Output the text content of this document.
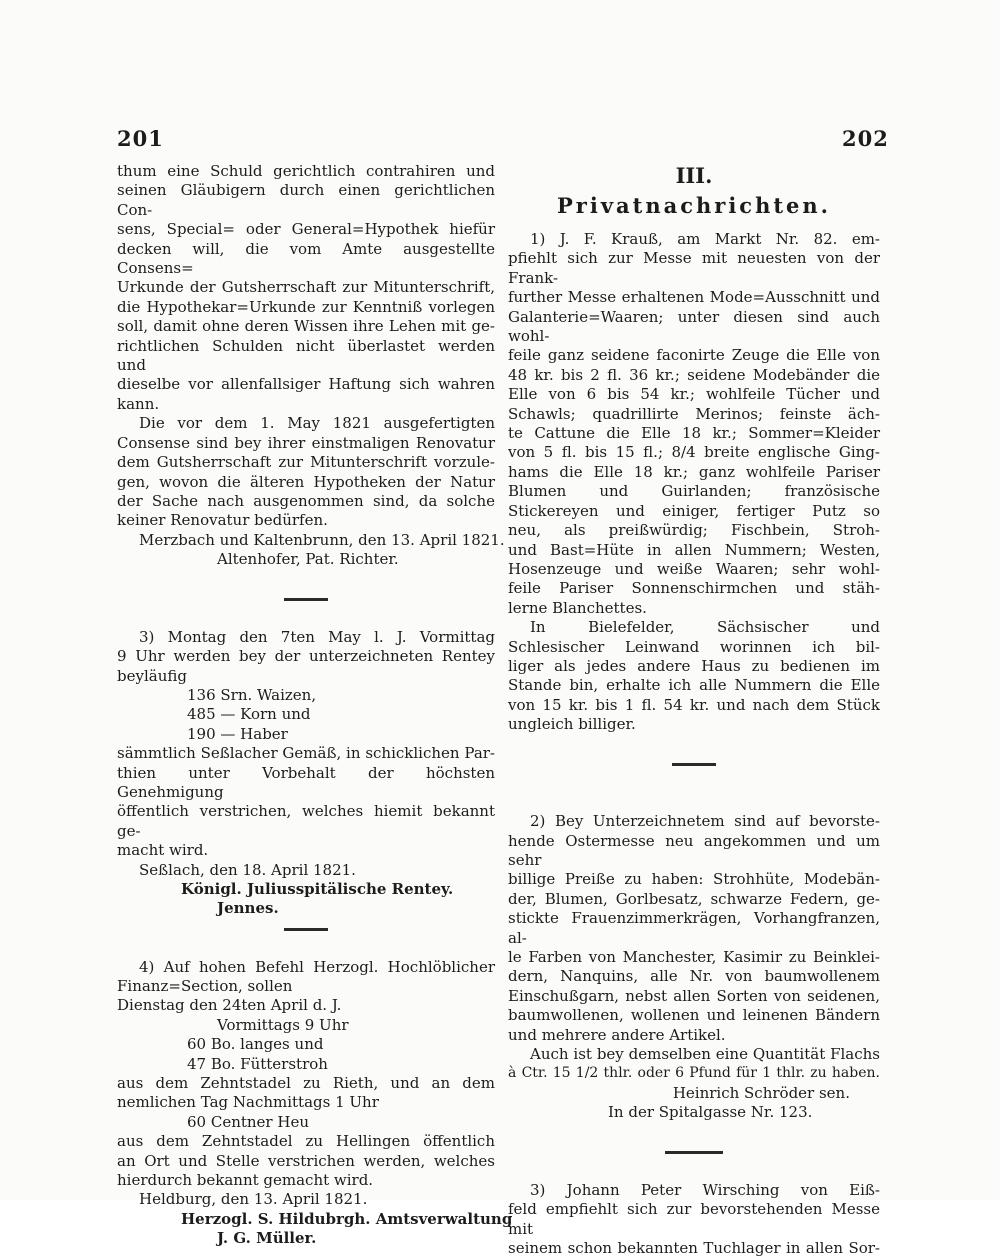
201	202
thum eine Schuld gerichtlich contrahiren und
seinen Gläubigern durch einen gerichtlichen Con-
sens, Special= oder General=Hypothek hiefür
decken will, die vom Amte ausgestellte Consens=
Urkunde der Gutsherrschaft zur Mitunterschrift,
die Hypothekar=Urkunde zur Kenntniß vorlegen
soll, damit ohne deren Wissen ihre Lehen mit ge-
richtlichen Schulden nicht überlastet werden und
dieselbe vor allenfallsiger Haftung sich wahren
kann.
Die vor dem 1. May 1821 ausgefertigten
Consense sind bey ihrer einstmaligen Renovatur
dem Gutsherrschaft zur Mitunterschrift vorzule-
gen, wovon die älteren Hypotheken der Natur
der Sache nach ausgenommen sind, da solche
keiner Renovatur bedürfen.
Merzbach und Kaltenbrunn, den 13. April 1821.
Altenhofer, Pat. Richter.
3) Montag den 7ten May l. J. Vormittag
9 Uhr werden bey der unterzeichneten Rentey
beyläufig
136 Srn. Waizen,
485 — Korn und
190 — Haber
sämmtlich Seßlacher Gemäß, in schicklichen Par-
thien unter Vorbehalt der höchsten Genehmigung
öffentlich verstrichen, welches hiemit bekannt ge-
macht wird.
Seßlach, den 18. April 1821.
Königl. Juliusspitälische Rentey.
Jennes.
4) Auf hohen Befehl Herzogl. Hochlöblicher
Finanz=Section, sollen
Dienstag den 24ten April d. J.
Vormittags 9 Uhr
60 Bo. langes und
47 Bo. Fütterstroh
aus dem Zehntstadel zu Rieth, und an dem
nemlichen Tag Nachmittags 1 Uhr
60 Centner Heu
aus dem Zehntstadel zu Hellingen öffentlich
an Ort und Stelle verstrichen werden, welches
hierdurch bekannt gemacht wird.
Heldburg, den 13. April 1821.
Herzogl. S. Hildubrgh. Amtsverwaltung
J. G. Müller.
III.
Privatnachrichten.
1) J. F. Krauß, am Markt Nr. 82. em-
pfiehlt sich zur Messe mit neuesten von der Frank-
further Messe erhaltenen Mode=Ausschnitt und
Galanterie=Waaren; unter diesen sind auch wohl-
feile ganz seidene faconirte Zeuge die Elle von
48 kr. bis 2 fl. 36 kr.; seidene Modebänder die
Elle von 6 bis 54 kr.; wohlfeile Tücher und
Schawls; quadrillirte Merinos; feinste äch-
te Cattune die Elle 18 kr.; Sommer=Kleider
von 5 fl. bis 15 fl.; 8/4 breite englische Ging-
hams die Elle 18 kr.; ganz wohlfeile Pariser
Blumen und Guirlanden; französische
Stickereyen und einiger, fertiger Putz so
neu, als preißwürdig; Fischbein, Stroh-
und Bast=Hüte in allen Nummern; Westen,
Hosenzeuge und weiße Waaren; sehr wohl-
feile Pariser Sonnenschirmchen und stäh-
lerne Blanchettes.
In Bielefelder, Sächsischer und
Schlesischer Leinwand worinnen ich bil-
liger als jedes andere Haus zu bedienen im
Stande bin, erhalte ich alle Nummern die Elle
von 15 kr. bis 1 fl. 54 kr. und nach dem Stück
ungleich billiger.
2) Bey Unterzeichnetem sind auf bevorste-
hende Ostermesse neu angekommen und um sehr
billige Preiße zu haben: Strohhüte, Modebän-
der, Blumen, Gorlbesatz, schwarze Federn, ge-
stickte Frauenzimmerkrägen, Vorhangfranzen, al-
le Farben von Manchester, Kasimir zu Beinklei-
dern, Nanquins, alle Nr. von baumwollenem
Einschußgarn, nebst allen Sorten von seidenen,
baumwollenen, wollenen und leinenen Bändern
und mehrere andere Artikel.
Auch ist bey demselben eine Quantität Flachs
à Ctr. 15 1/2 thlr. oder 6 Pfund für 1 thlr. zu haben.
Heinrich Schröder sen.
In der Spitalgasse Nr. 123.
3) Johann Peter Wirsching von Eiß-
feld empfiehlt sich zur bevorstehenden Messe mit
seinem schon bekannten Tuchlager in allen Sor-
